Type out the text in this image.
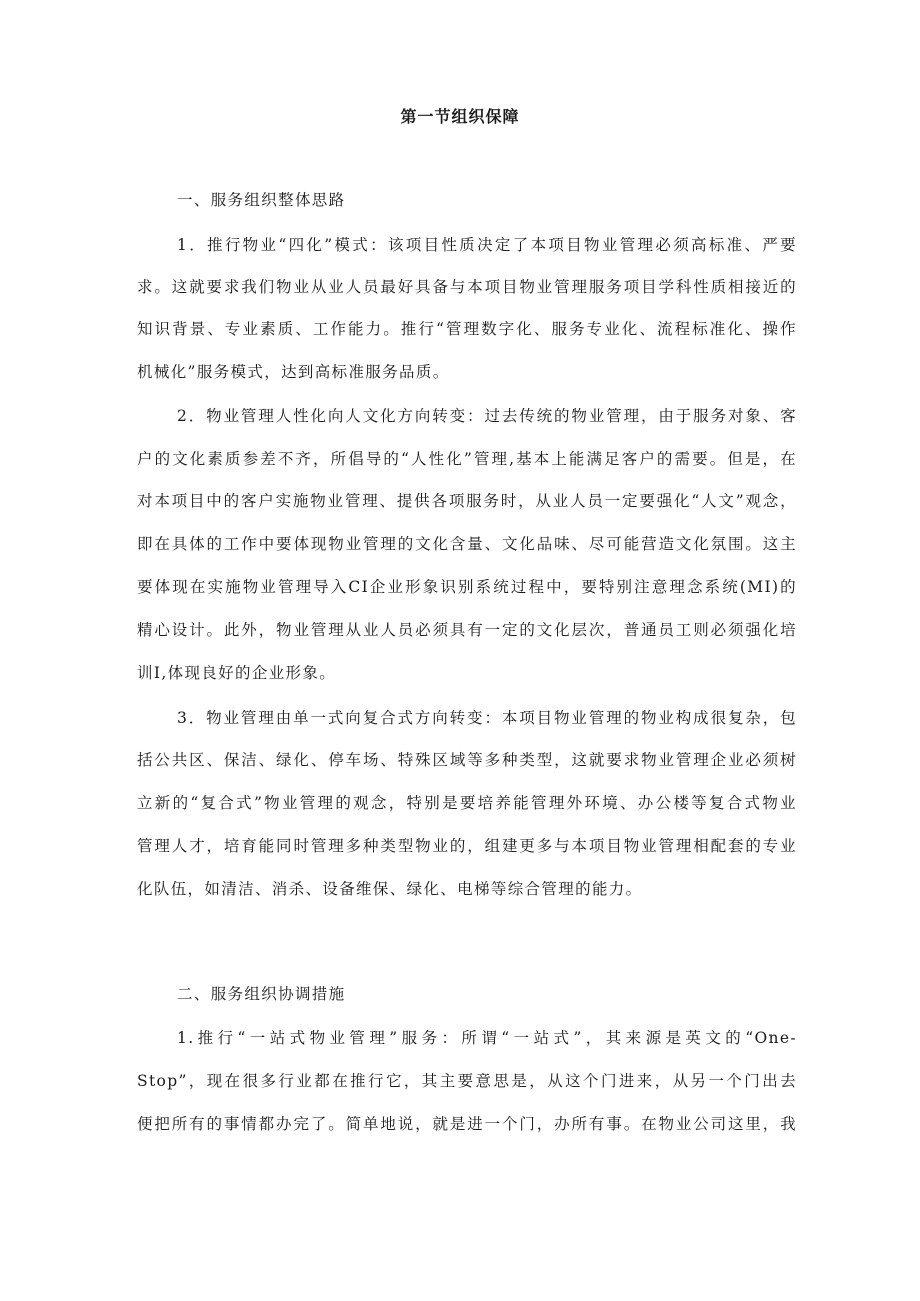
第一节组织保障
一、服务组织整体思路
1．推行物业“四化”模式：该项目性质决定了本项目物业管理必须高标准、严要
求。这就要求我们物业从业人员最好具备与本项目物业管理服务项目学科性质相接近的
知识背景、专业素质、工作能力。推行“管理数字化、服务专业化、流程标准化、操作
机械化”服务模式，达到高标准服务品质。
2．物业管理人性化向人文化方向转变：过去传统的物业管理，由于服务对象、客
户的文化素质参差不齐，所倡导的“人性化”管理,基本上能满足客户的需要。但是，在
对本项目中的客户实施物业管理、提供各项服务时，从业人员一定要强化“人文”观念，
即在具体的工作中要体现物业管理的文化含量、文化品味、尽可能营造文化氛围。这主
要体现在实施物业管理导入CI企业形象识别系统过程中，要特别注意理念系统(MI)的
精心设计。此外，物业管理从业人员必须具有一定的文化层次，普通员工则必须强化培
训I,体现良好的企业形象。
3．物业管理由单一式向复合式方向转变：本项目物业管理的物业构成很复杂，包
括公共区、保洁、绿化、停车场、特殊区域等多种类型，这就要求物业管理企业必须树
立新的“复合式”物业管理的观念，特别是要培养能管理外环境、办公楼等复合式物业
管理人才，培育能同时管理多种类型物业的，组建更多与本项目物业管理相配套的专业
化队伍，如清洁、消杀、设备维保、绿化、电梯等综合管理的能力。
二、服务组织协调措施
1.推行“一站式物业管理”服务：所谓“一站式”，其来源是英文的“One-
Stop”，现在很多行业都在推行它，其主要意思是，从这个门进来，从另一个门出去
便把所有的事情都办完了。简单地说，就是进一个门，办所有事。在物业公司这里，我
